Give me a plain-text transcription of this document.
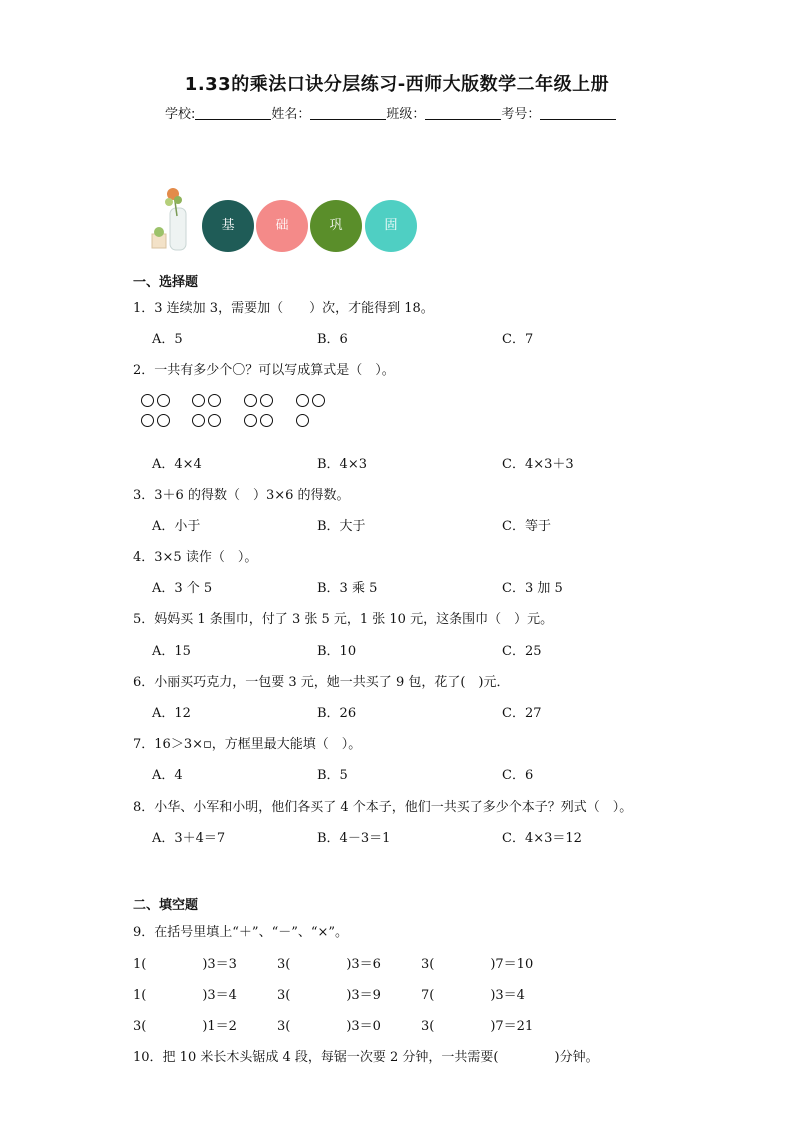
1.33的乘法口诀分层练习-西师大版数学二年级上册
学校:	姓名：	班级：	考号：
基	础	巩	固
一、选择题
1．3 连续加 3，需要加（　　）次，才能得到 18。
A．5	B．6	C．7
2．一共有多少个〇？可以写成算式是（　）。
A．4×4	B．4×3	C．4×3＋3
3．3＋6 的得数（　）3×6 的得数。
A．小于	B．大于	C．等于
4．3×5 读作（　）。
A．3 个 5	B．3 乘 5	C．3 加 5
5．妈妈买 1 条围巾，付了 3 张 5 元，1 张 10 元，这条围巾（　）元。
A．15	B．10	C．25
6．小丽买巧克力，一包要 3 元，她一共买了 9 包，花了(　)元．
A．12	B．26	C．27
7．16＞3×▫，方框里最大能填（　）。
A．4	B．5	C．6
8．小华、小军和小明，他们各买了 4 个本子，他们一共买了多少个本子？列式（　）。
A．3＋4＝7	B．4－3＝1	C．4×3＝12
二、填空题
9．在括号里填上“＋”、“－”、“×”。
1(	)3＝3	3(	)3＝6	3(	)7＝10
1(	)3＝4	3(	)3＝9	7(	)3＝4
3(	)1＝2	3(	)3＝0	3(	)7＝21
10．把 10 米长木头锯成 4 段，每锯一次要 2 分钟，一共需要(	)分钟。
